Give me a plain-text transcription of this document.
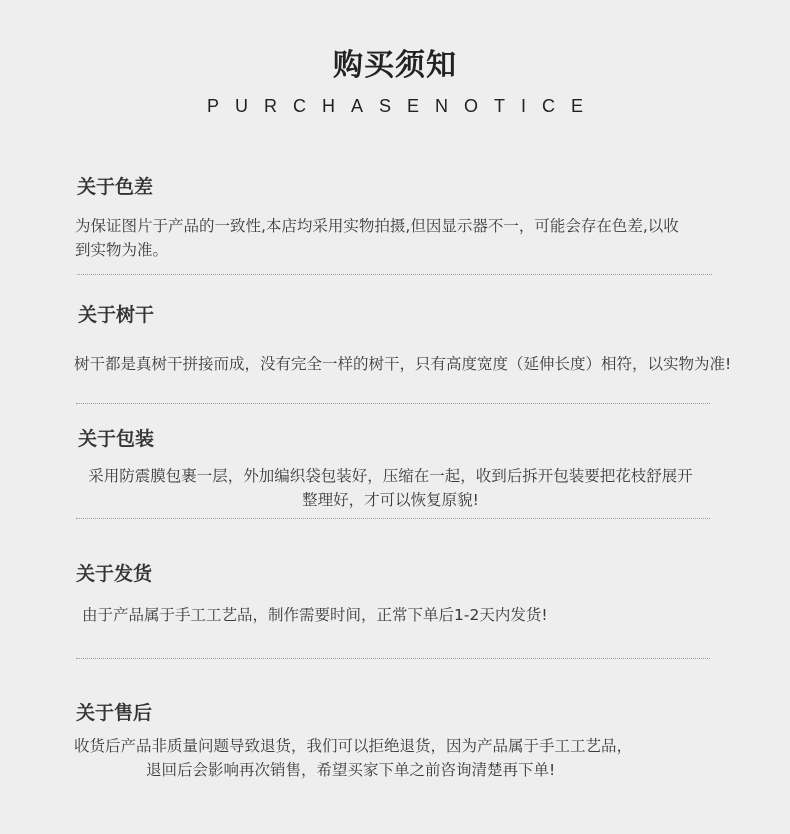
购买须知
PURCHASENOTICE
关于色差
为保证图片于产品的一致性,本店均采用实物拍摄,但因显示器不一，可能会存在色差,以收
到实物为准。
关于树干
树干都是真树干拼接而成，没有完全一样的树干，只有高度宽度（延伸长度）相符，以实物为准!
关于包装
采用防震膜包裹一层，外加编织袋包装好，压缩在一起，收到后拆开包装要把花枝舒展开
整理好，才可以恢复原貌!
关于发货
由于产品属于手工工艺品，制作需要时间，正常下单后1-2天内发货!
关于售后
收货后产品非质量问题导致退货，我们可以拒绝退货，因为产品属于手工工艺品，
退回后会影响再次销售，希望买家下单之前咨询清楚再下单!
